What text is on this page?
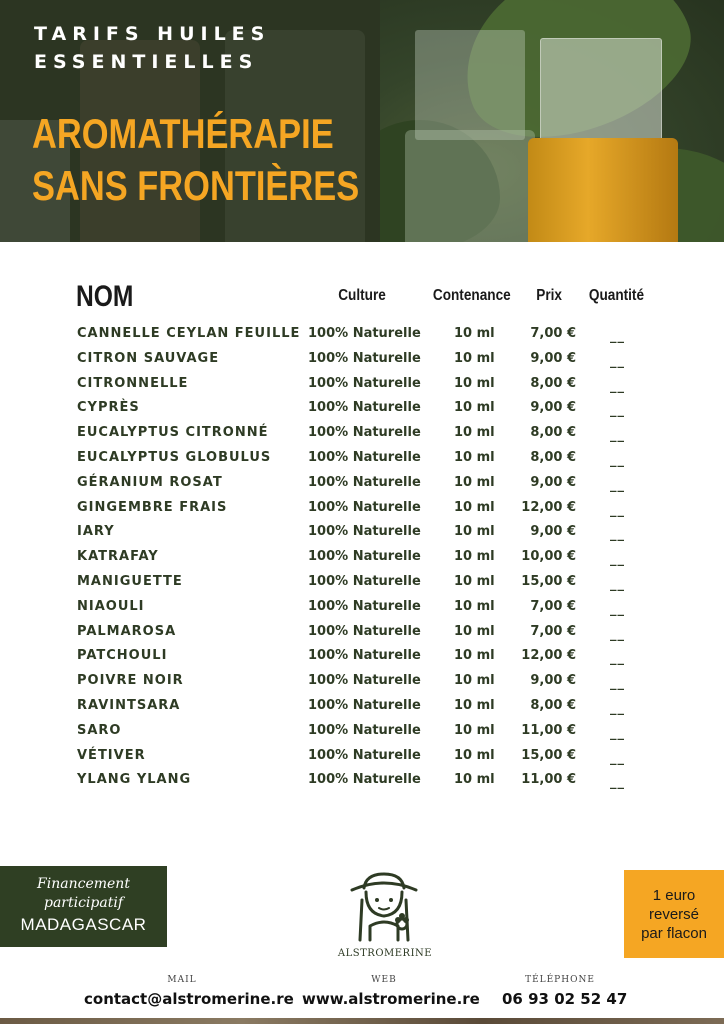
TARIFS HUILES
ESSENTIELLES
AROMATHÉRAPIE
SANS FRONTIÈRES
NOM	Culture	Contenance Prix Quantité
CANNELLE CEYLAN FEUILLE 100% Naturelle	10 ml	7,00 €	__
CITRON SAUVAGE	100% Naturelle	10 ml	9,00 €	__
CITRONNELLE	100% Naturelle	10 ml	8,00 €	__
CYPRÈS	100% Naturelle	10 ml	9,00 €	__
EUCALYPTUS CITRONNÉ	100% Naturelle	10 ml	8,00 €	__
EUCALYPTUS GLOBULUS	100% Naturelle	10 ml	8,00 €	__
GÉRANIUM ROSAT	100% Naturelle	10 ml	9,00 €	__
GINGEMBRE FRAIS	100% Naturelle	10 ml	12,00 €	__
IARY	100% Naturelle	10 ml	9,00 €	__
KATRAFAY	100% Naturelle	10 ml	10,00 €	__
MANIGUETTE	100% Naturelle	10 ml	15,00 €	__
NIAOULI	100% Naturelle	10 ml	7,00 €	__
PALMAROSA	100% Naturelle	10 ml	7,00 €	__
PATCHOULI	100% Naturelle	10 ml	12,00 €	__
POIVRE NOIR	100% Naturelle	10 ml	9,00 €	__
RAVINTSARA	100% Naturelle	10 ml	8,00 €	__
SARO	100% Naturelle	10 ml	11,00 €	__
VÉTIVER	100% Naturelle	10 ml	15,00 €	__
YLANG YLANG	100% Naturelle	10 ml	11,00 €	__
Financement
participatif
MADAGASCAR
ALSTROMERINE
1 euro
reversé
par flacon
MAIL
contact@alstromerine.re
WEB
www.alstromerine.re
TÉLÉPHONE
06 93 02 52 47
